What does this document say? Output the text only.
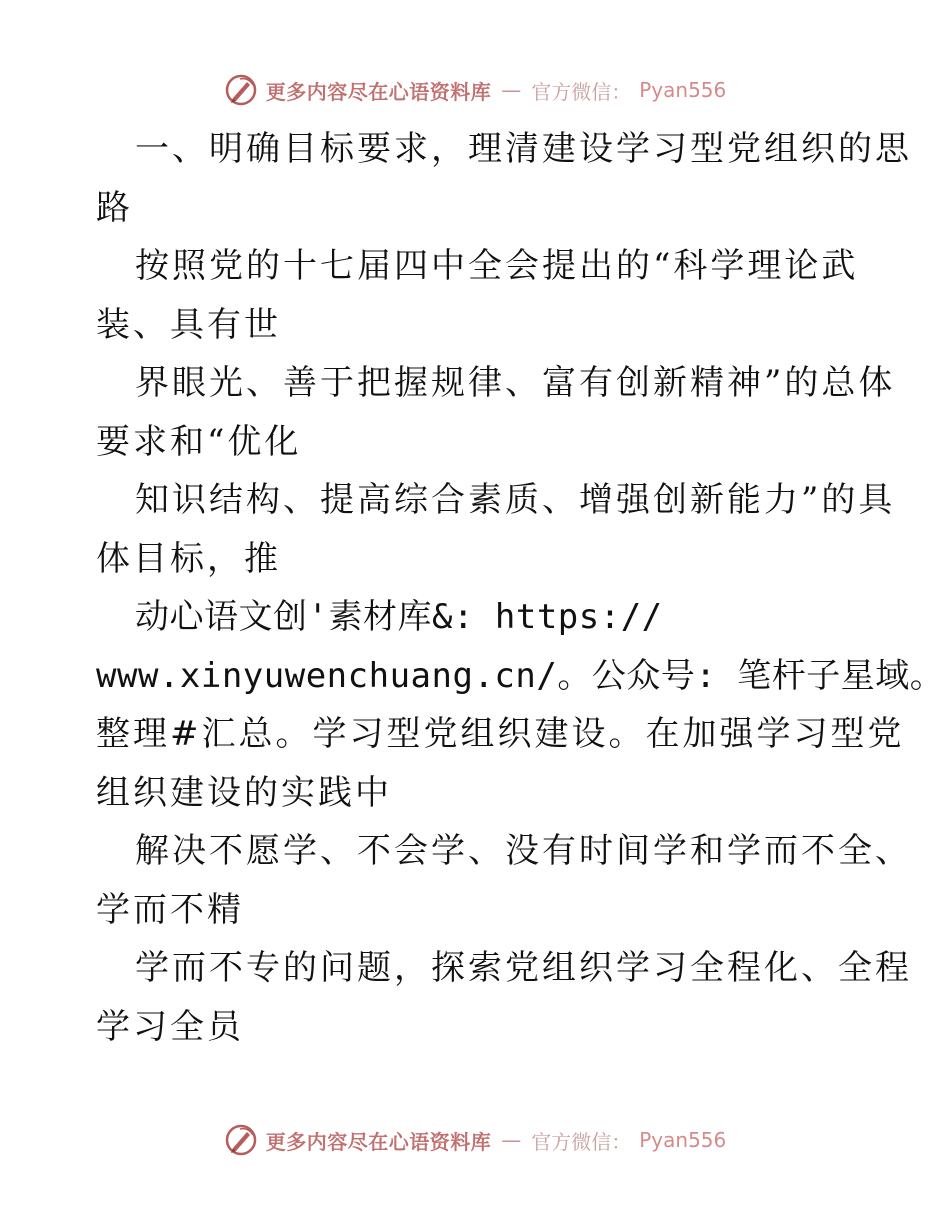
更多内容尽在心语资料库 — 官方微信： Pyan556
一、明确目标要求，理清建设学习型党组织的思
路
按照党的十七届四中全会提出的“科学理论武
装、具有世
界眼光、善于把握规律、富有创新精神”的总体
要求和“优化
知识结构、提高综合素质、增强创新能力”的具
体目标，推
动心语文创'素材库&: https://
www.xinyuwenchuang.cn/。公众号: 笔杆子星域。
整理#汇总。学习型党组织建设。在加强学习型党
组织建设的实践中
解决不愿学、不会学、没有时间学和学而不全、
学而不精
学而不专的问题，探索党组织学习全程化、全程
学习全员
更多内容尽在心语资料库 — 官方微信： Pyan556
